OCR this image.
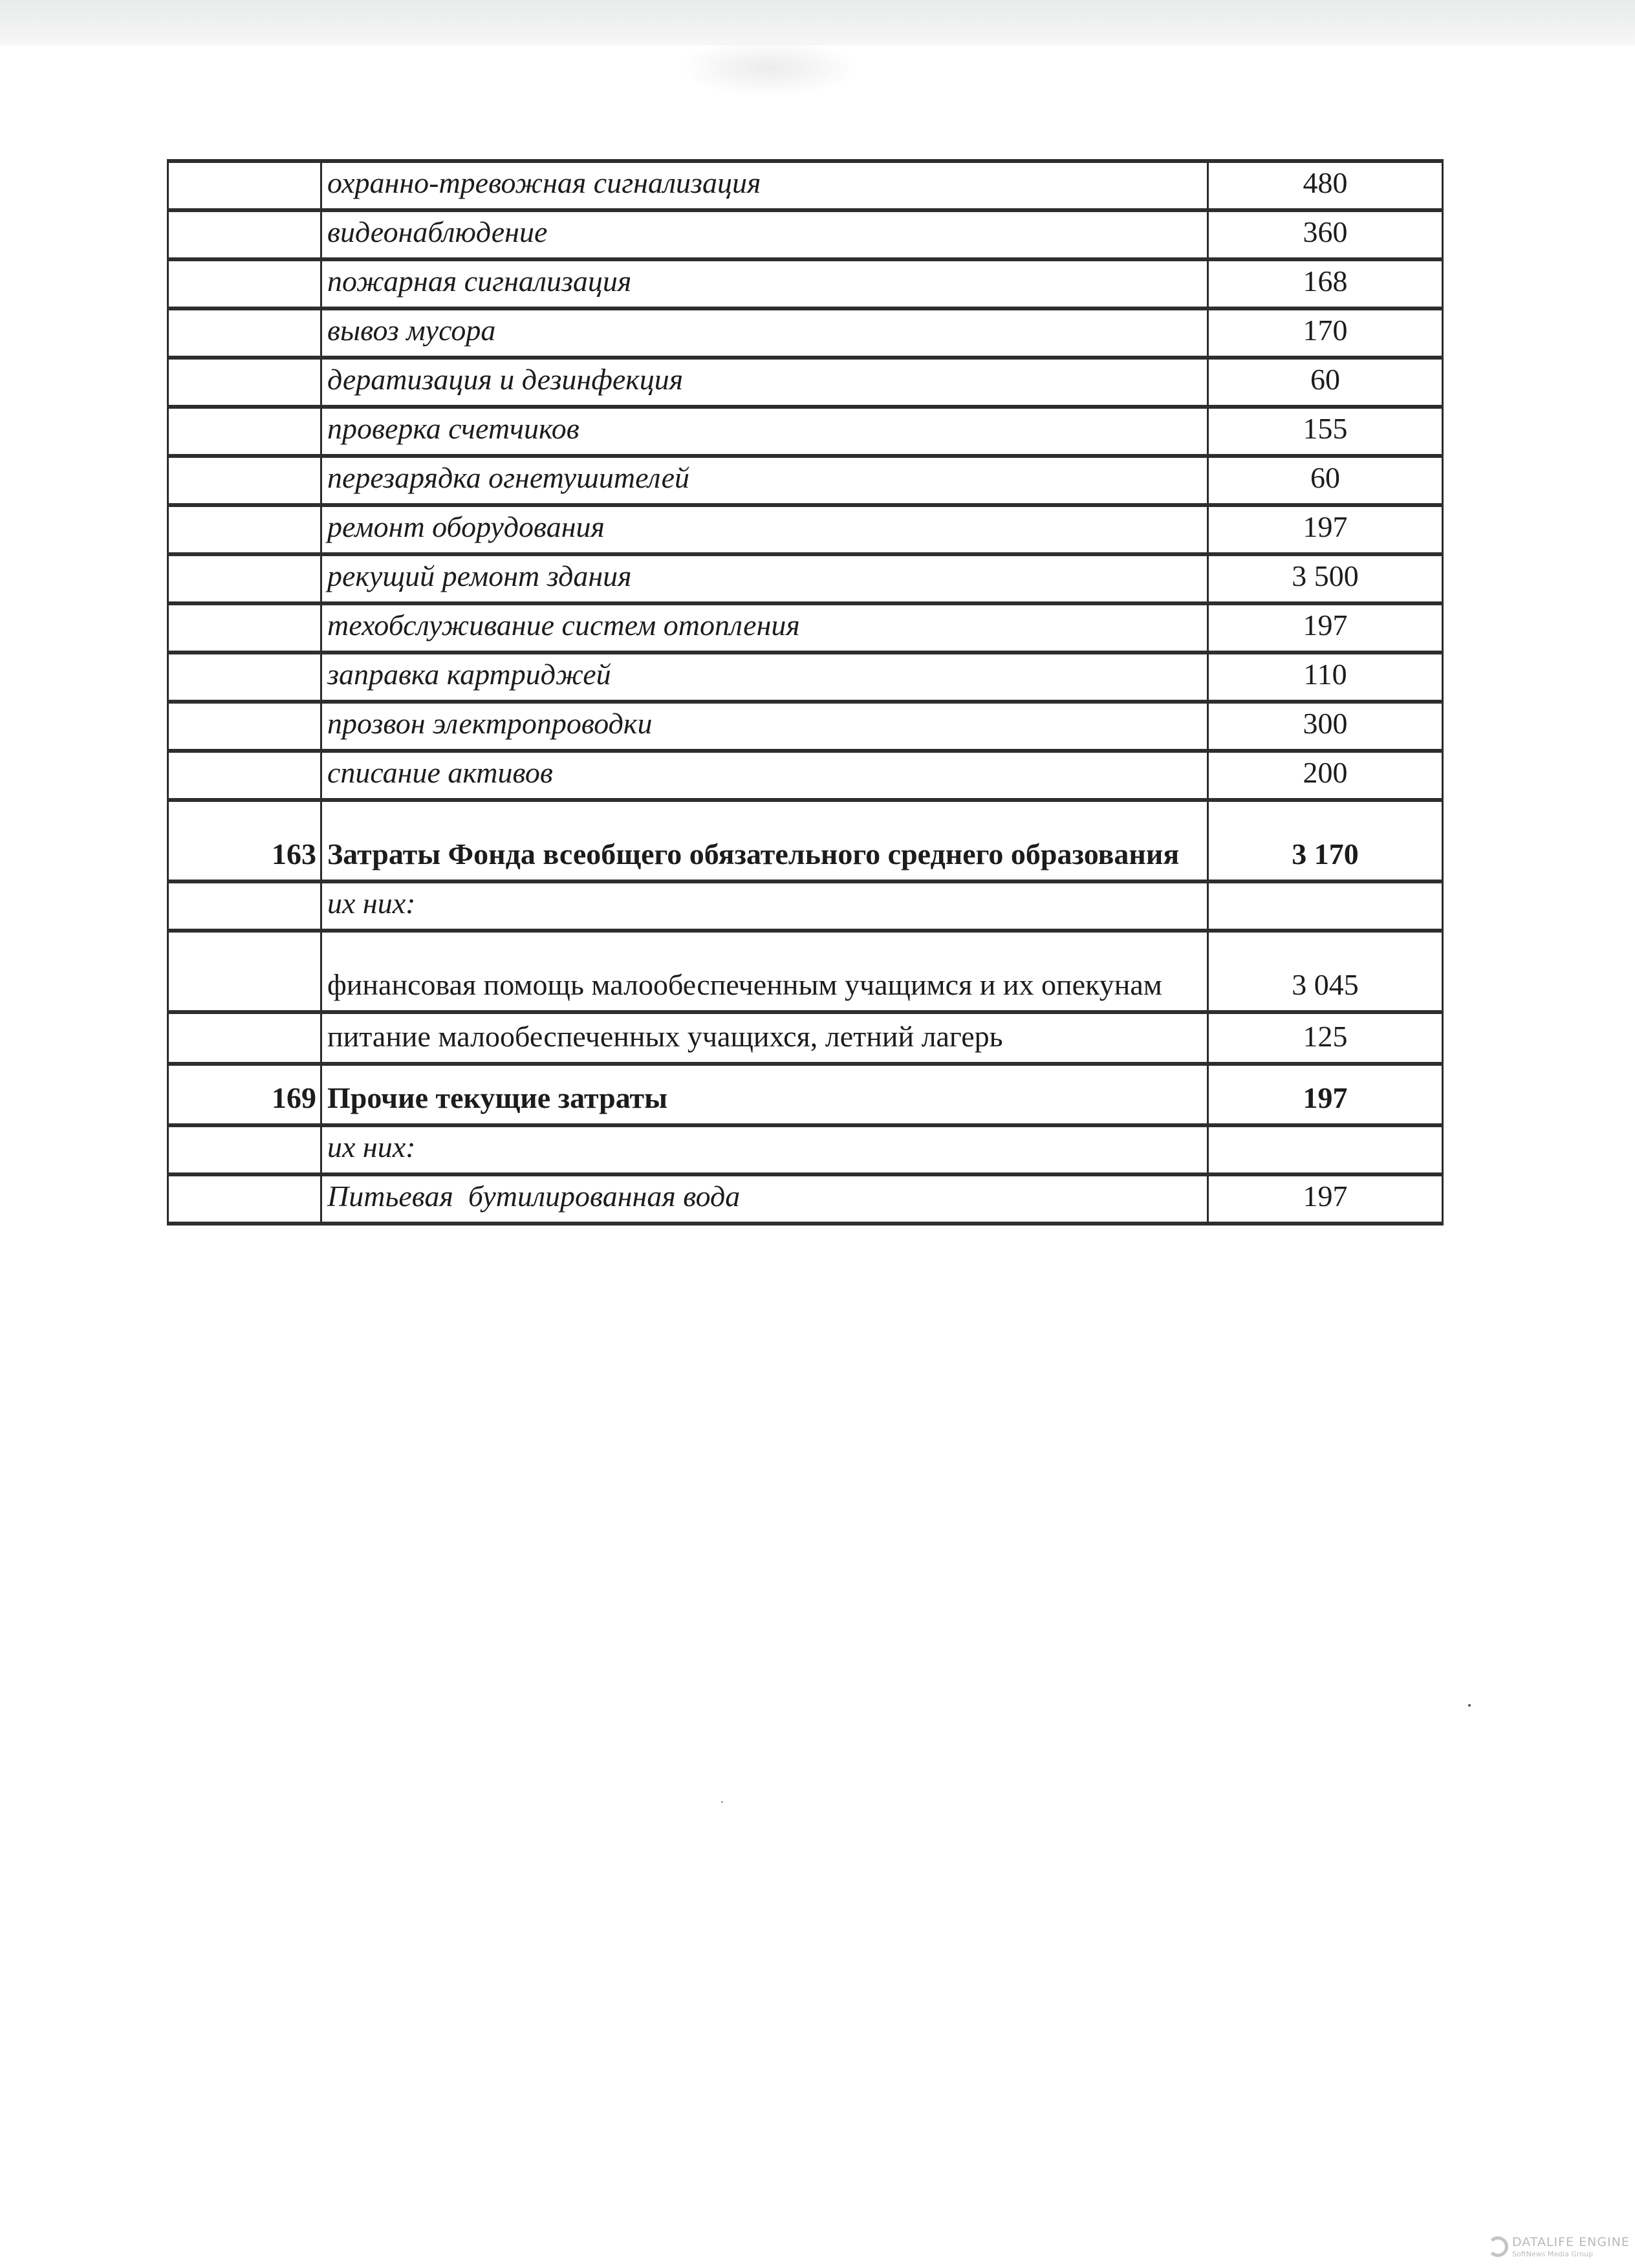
	охранно-тревожная сигнализация	480
	видеонаблюдение	360
	пожарная сигнализация	168
	вывоз мусора	170
	дератизация и дезинфекция	60
	проверка счетчиков	155
	перезарядка огнетушителей	60
	ремонт оборудования	197
	рекущий ремонт здания	3 500
	техобслуживание систем отопления	197
	заправка картриджей	110
	прозвон электропроводки	300
	списание активов	200
163	Затраты Фонда всеобщего обязательного среднего образования	3 170
	их них:	
	финансовая помощь малообеспеченным учащимся и их опекунам	3 045
	питание малообеспеченных учащихся, летний лагерь	125
169	Прочие текущие затраты	197
	их них:	
	Питьевая  бутилированная вода	197
DATALIFE ENGINE
SoftNews Media Group
